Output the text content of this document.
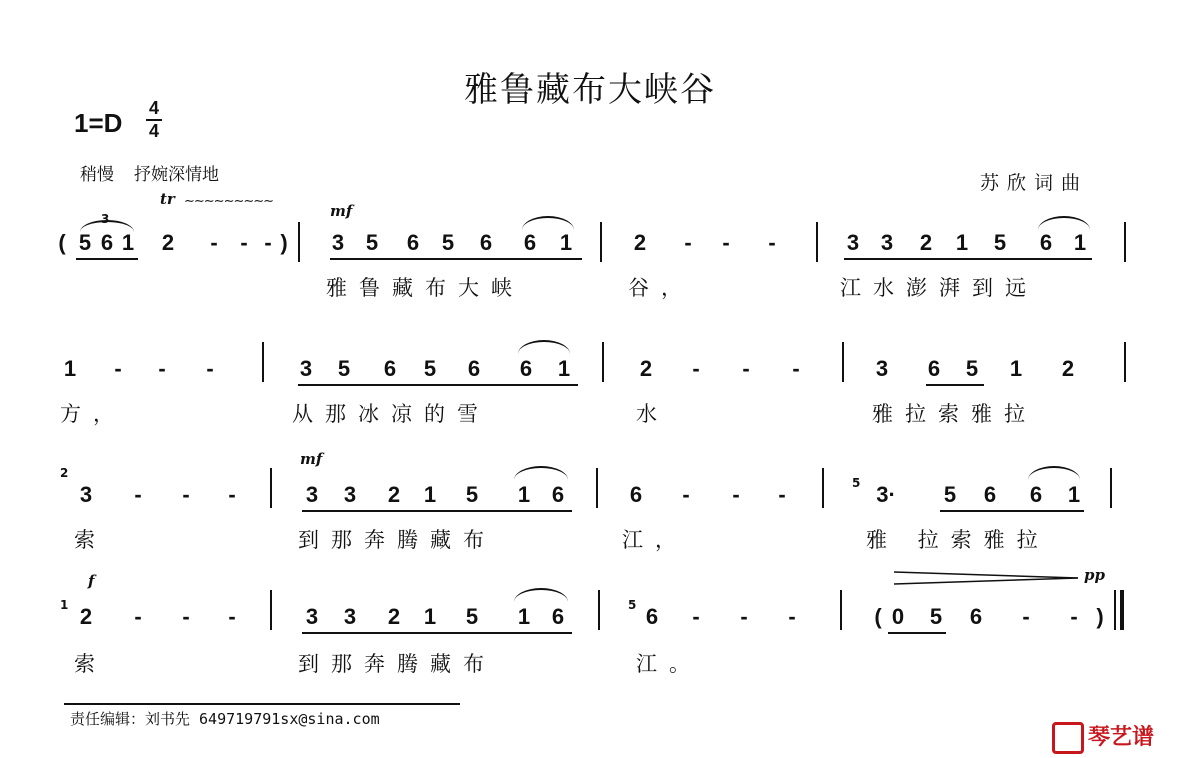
雅鲁藏布大峡谷
1=D 4
4
稍慢 抒婉深情地	苏欣词曲
tr ∼∼∼∼∼∼∼∼∼
3	mf
( 5 6 1 2 - - - ) 3 5 6 5 6 6 1	2 - - -	3 3 2 1 5 6 1
雅鲁藏布大峡	谷，	江水澎湃到远
1 - - -	3 5 6 5 6 6 1	2 - - -	3 6 5 1 2
方，	从那冰凉的雪	水	雅拉索雅拉
2
mf
5
3 - - -	3 3 2 1 5 1 6	6 - - -	3· 5 6 6 1
索	到那奔腾藏布	江，	雅 拉索雅拉
f
1	5
pp
2 - - -	3 3 2 1 5 1 6	6 - - -	( 0 5 6 - - )
索	到那奔腾藏布	江。
责任编辑：刘书先 649719791sx@sina.com
琴艺谱
